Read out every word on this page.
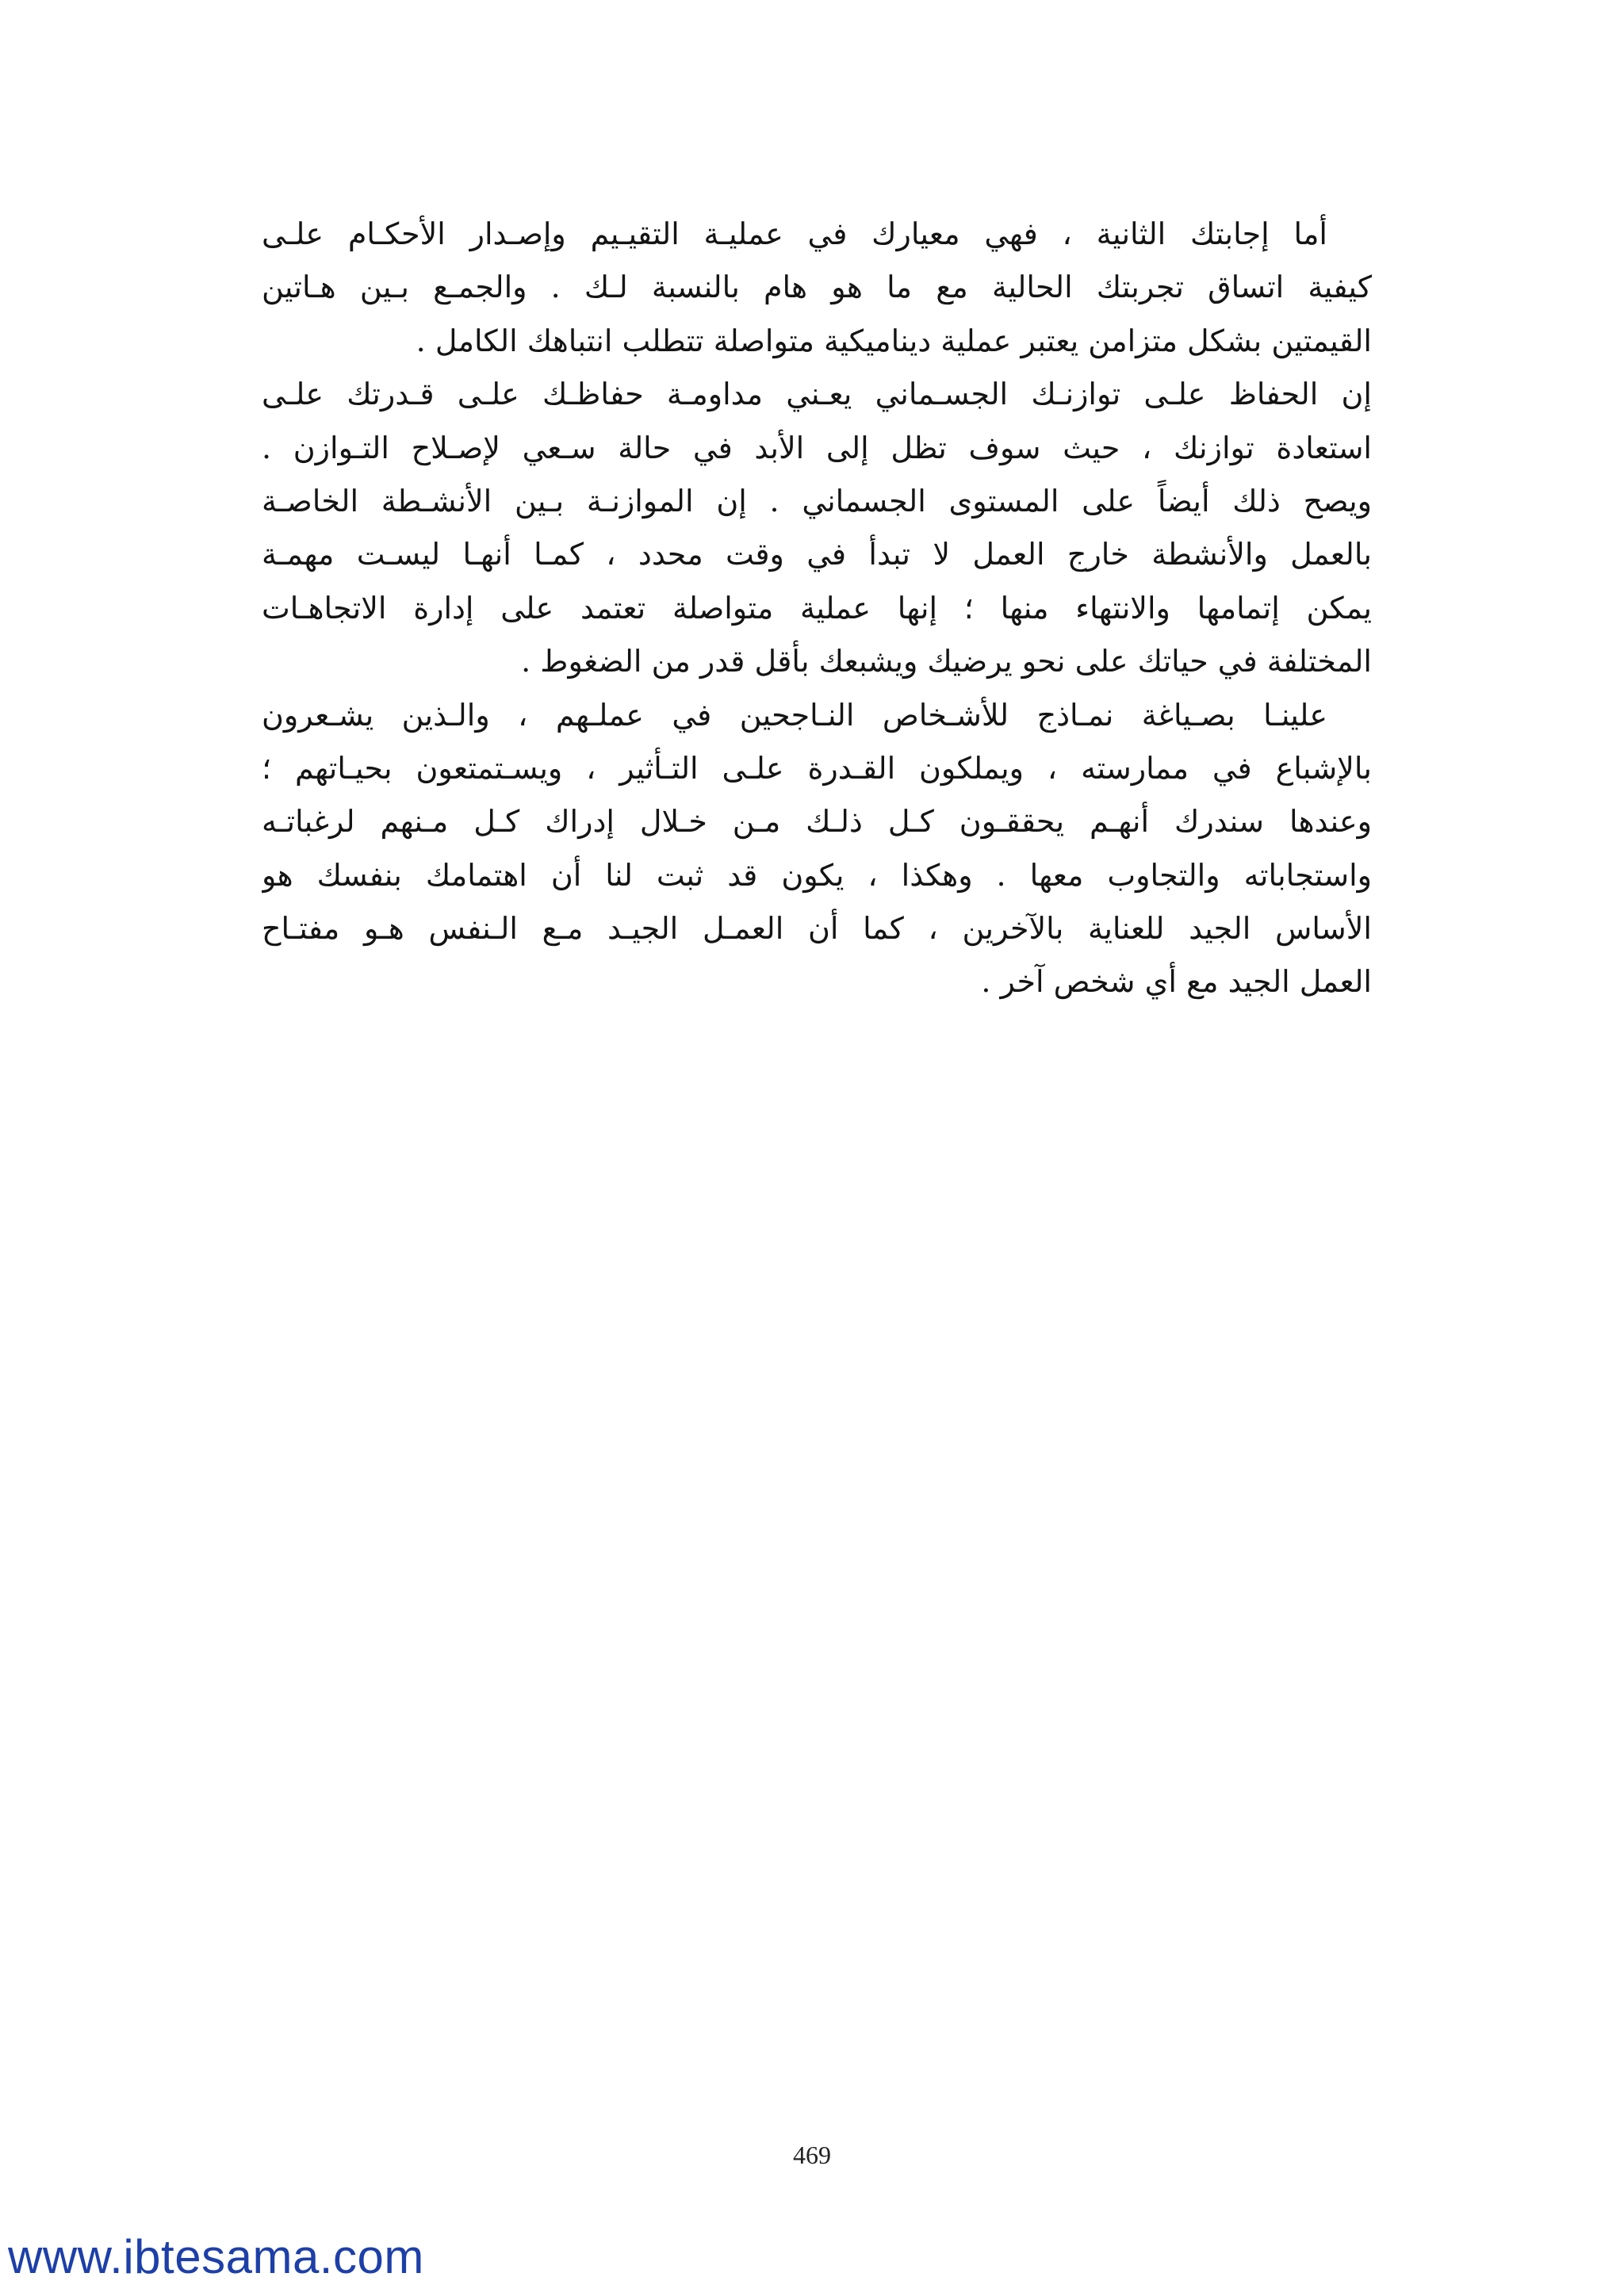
أما إجابتك الثانية ، فهي معيارك في عمليـة التقيـيم وإصـدار الأحكـام علـى
كيفية اتساق تجربتك الحالية مع ما هو هام بالنسبة لـك . والجمـع بـين هـاتين
القيمتين بشكل متزامن يعتبر عملية ديناميكية متواصلة تتطلب انتباهك الكامل .
إن الحفاظ علـى توازنـك الجسـماني يعـني مداومـة حفاظـك علـى قـدرتك علـى
استعادة توازنك ، حيث سوف تظل إلى الأبد في حالة سـعي لإصـلاح التـوازن .
ويصح ذلك أيضاً على المستوى الجسماني . إن الموازنـة بـين الأنشـطة الخاصـة
بالعمل والأنشطة خارج العمل لا تبدأ في وقت محدد ، كمـا أنهـا ليسـت مهمـة
يمكن إتمامها والانتهاء منها ؛ إنها عملية متواصلة تعتمد على إدارة الاتجاهـات
المختلفة في حياتك على نحو يرضيك ويشبعك بأقل قدر من الضغوط .
علينـا بصـياغة نمـاذج للأشـخاص النـاجحين في عملـهم ، والـذين يشـعرون
بالإشباع في ممارسته ، ويملكون القـدرة علـى التـأثير ، ويسـتمتعون بحيـاتهم ؛
وعندها سندرك أنهـم يحققـون كـل ذلـك مـن خـلال إدراك كـل مـنهم لرغباتـه
واستجاباته والتجاوب معها . وهكذا ، يكون قد ثبت لنا أن اهتمامك بنفسك هو
الأساس الجيد للعناية بالآخرين ، كما أن العمـل الجيـد مـع الـنفس هـو مفتـاح
العمل الجيد مع أي شخص آخر .
469
www.ibtesama.com
